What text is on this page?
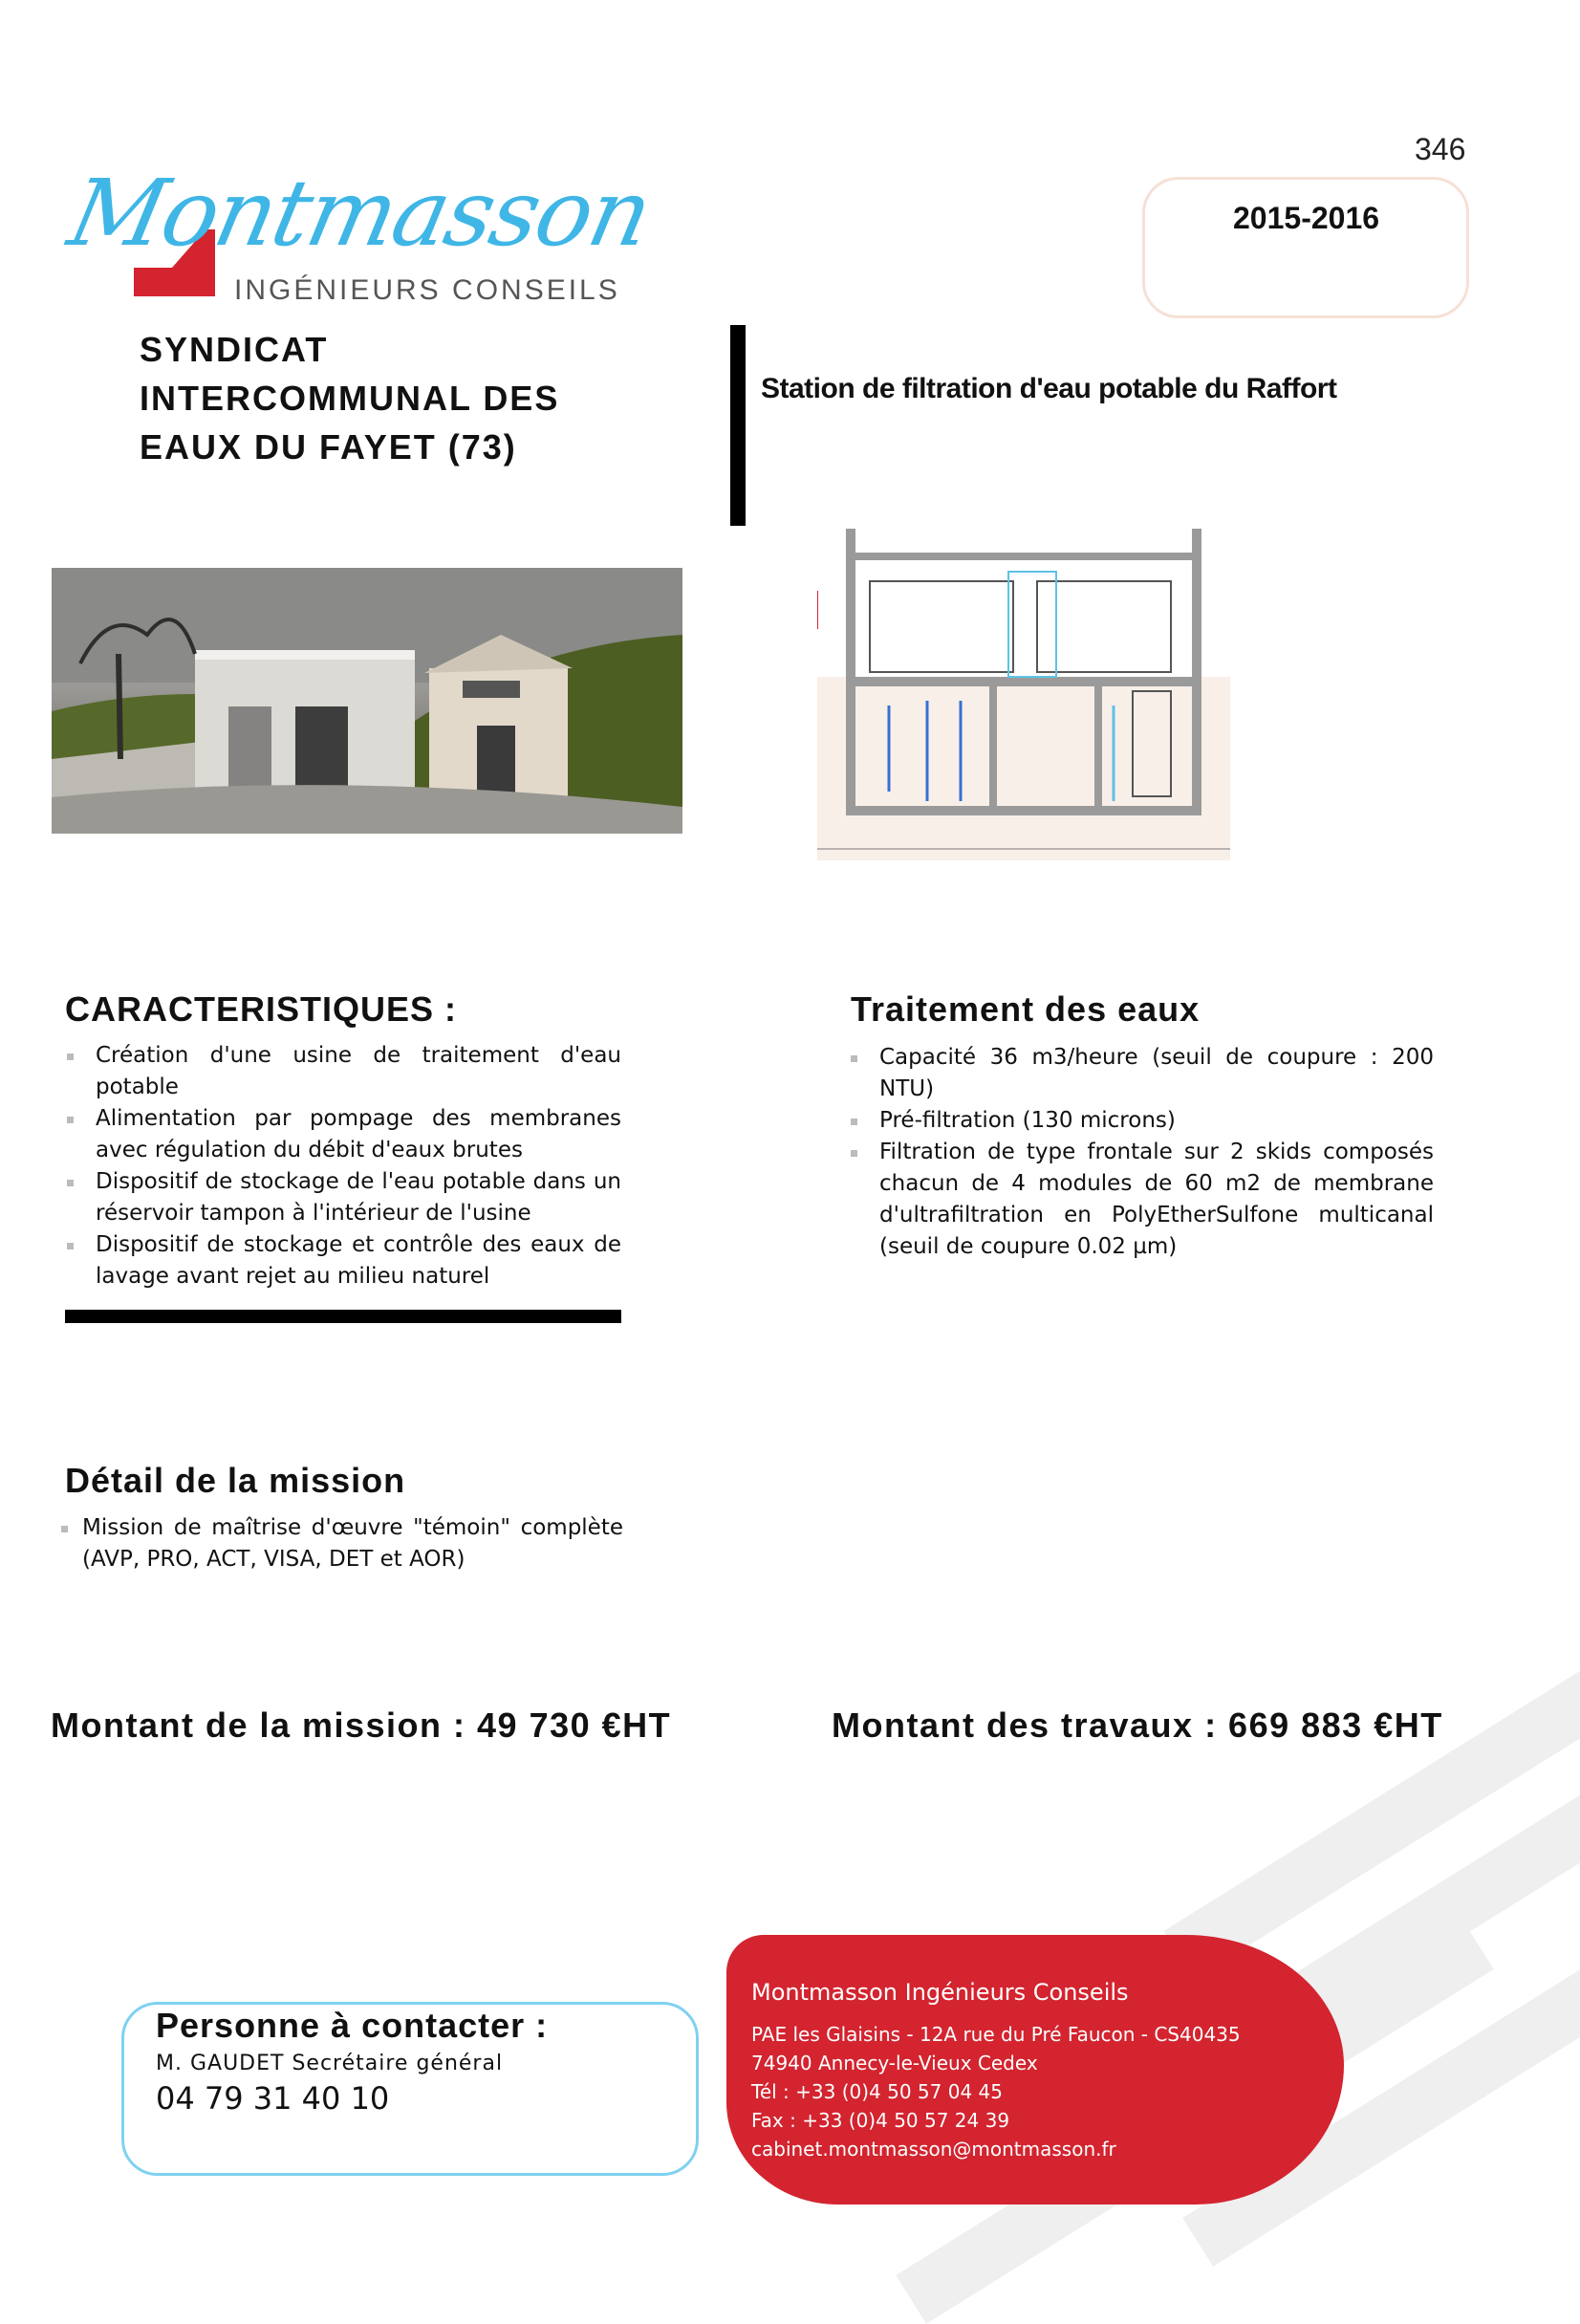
Montmasson
INGÉNIEURS CONSEILS
346
2015-2016
SYNDICAT
INTERCOMMUNAL DES
EAUX DU FAYET (73)
Station de filtration d'eau potable du Raffort
CARACTERISTIQUES :
Création d'une usine de traitement d'eau potable
Alimentation par pompage des membranes avec régulation du débit d'eaux brutes
Dispositif de stockage de l'eau potable dans un réservoir tampon à l'intérieur de l'usine
Dispositif de stockage et contrôle des eaux de lavage avant rejet au milieu naturel
Traitement des eaux
Capacité 36 m3/heure (seuil de coupure : 200 NTU)
Pré-filtration (130 microns)
Filtration de type frontale sur 2 skids composés chacun de 4 modules de 60 m2 de membrane d'ultrafiltration en PolyEtherSulfone multicanal (seuil de coupure 0.02 µm)
Détail de la mission
Mission de maîtrise d'œuvre "témoin" complète (AVP, PRO, ACT, VISA, DET et AOR)
Montant de la mission : 49 730 €HT	Montant des travaux : 669 883 €HT
Personne à contacter :
M. GAUDET Secrétaire général
04 79 31 40 10
Montmasson Ingénieurs Conseils
PAE les Glaisins - 12A rue du Pré Faucon - CS40435
74940 Annecy-le-Vieux Cedex
Tél : +33 (0)4 50 57 04 45
Fax : +33 (0)4 50 57 24 39
cabinet.montmasson@montmasson.fr
